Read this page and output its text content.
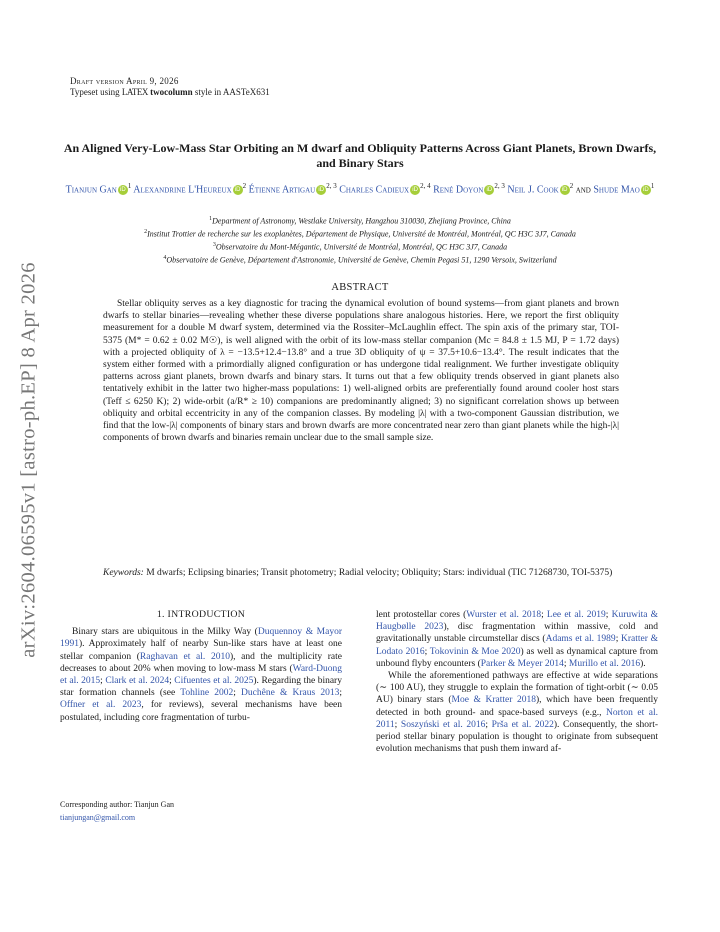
arXiv:2604.06595v1 [astro-ph.EP] 8 Apr 2026
Draft version April 9, 2026
Typeset using LATEX twocolumn style in AASTeX631
An Aligned Very-Low-Mass Star Orbiting an M dwarf and Obliquity Patterns Across Giant Planets, Brown Dwarfs, and Binary Stars
Tianjun Gan $iD^1$ Alexandrine L'Heureux $iD^2$ Étienne Artigau iD$^{2, 3}$ Charles Cadieux iD$^{2, 4}$ René Doyon iD$^{2, 3}$ Neil J. Cook $iD^2$ and Shude Mao $iD^1$
$^1$Department of Astronomy, Westlake University, Hangzhou 310030, Zhejiang Province, China
$^2$Institut Trottier de recherche sur les exoplanètes, Département de Physique, Université de Montréal, Montréal, QC H3C 3J7, Canada
$^3$Observatoire du Mont-Mégantic, Université de Montréal, Montréal, QC H3C 3J7, Canada
$^4$Observatoire de Genève, Département d'Astronomie, Université de Genève, Chemin Pegasi 51, 1290 Versoix, Switzerland
ABSTRACT
Stellar obliquity serves as a key diagnostic for tracing the dynamical evolution of bound systems—from giant planets and brown dwarfs to stellar binaries—revealing whether these diverse populations share analogous histories. Here, we report the first obliquity measurement for a double M dwarf system, determined via the Rossiter–McLaughlin effect. The spin axis of the primary star, TOI-5375 (M* = 0.62 ± 0.02 M☉), is well aligned with the orbit of its low-mass stellar companion (Mc = 84.8 ± 1.5 MJ, P = 1.72 days) with a projected obliquity of λ = −13.5+12.4−13.8° and a true 3D obliquity of ψ = 37.5+10.6−13.4°. The result indicates that the system either formed with a primordially aligned configuration or has undergone tidal realignment. We further investigate obliquity patterns across giant planets, brown dwarfs and binary stars. It turns out that a few obliquity trends observed in giant planets also tentatively exhibit in the latter two higher-mass populations: 1) well-aligned orbits are preferentially found around cooler host stars (Teff ≤ 6250 K); 2) wide-orbit (a/R* ≥ 10) companions are predominantly aligned; 3) no significant correlation shows up between obliquity and orbital eccentricity in any of the companion classes. By modeling |λ| with a two-component Gaussian distribution, we find that the low-|λ| components of binary stars and brown dwarfs are more concentrated near zero than giant planets while the high-|λ| components of brown dwarfs and binaries remain unclear due to the small sample size.
Keywords: M dwarfs; Eclipsing binaries; Transit photometry; Radial velocity; Obliquity; Stars: individual (TIC 71268730, TOI-5375)
1. INTRODUCTION

Binary stars are ubiquitous in the Milky Way (Duquennoy & Mayor 1991). Approximately half of nearby Sun-like stars have at least one stellar companion (Raghavan et al. 2010), and the multiplicity rate decreases to about 20% when moving to low-mass M stars (Ward-Duong et al. 2015; Clark et al. 2024; Cifuentes et al. 2025). Regarding the binary star formation channels (see Tohline 2002; Duchêne & Kraus 2013; Offner et al. 2023, for reviews), several mechanisms have been postulated, including core fragmentation of turbu-

lent protostellar cores (Wurster et al. 2018; Lee et al. 2019; Kuruwita & Haugbølle 2023), disc fragmentation within massive, cold and gravitationally unstable circumstellar discs (Adams et al. 1989; Kratter & Lodato 2016; Tokovinin & Moe 2020) as well as dynamical capture from unbound flyby encounters (Parker & Meyer 2014; Murillo et al. 2016).

While the aforementioned pathways are effective at wide separations (∼ 100 AU), they struggle to explain the formation of tight-orbit (∼ 0.05 AU) binary stars (Moe & Kratter 2018), which have been frequently detected in both ground- and space-based surveys (e.g., Norton et al. 2011; Soszyński et al. 2016; Prša et al. 2022). Consequently, the short-period stellar binary population is thought to originate from subsequent evolution mechanisms that push them inward af-

Corresponding author: Tianjun Gan
tianjungan@gmail.com
